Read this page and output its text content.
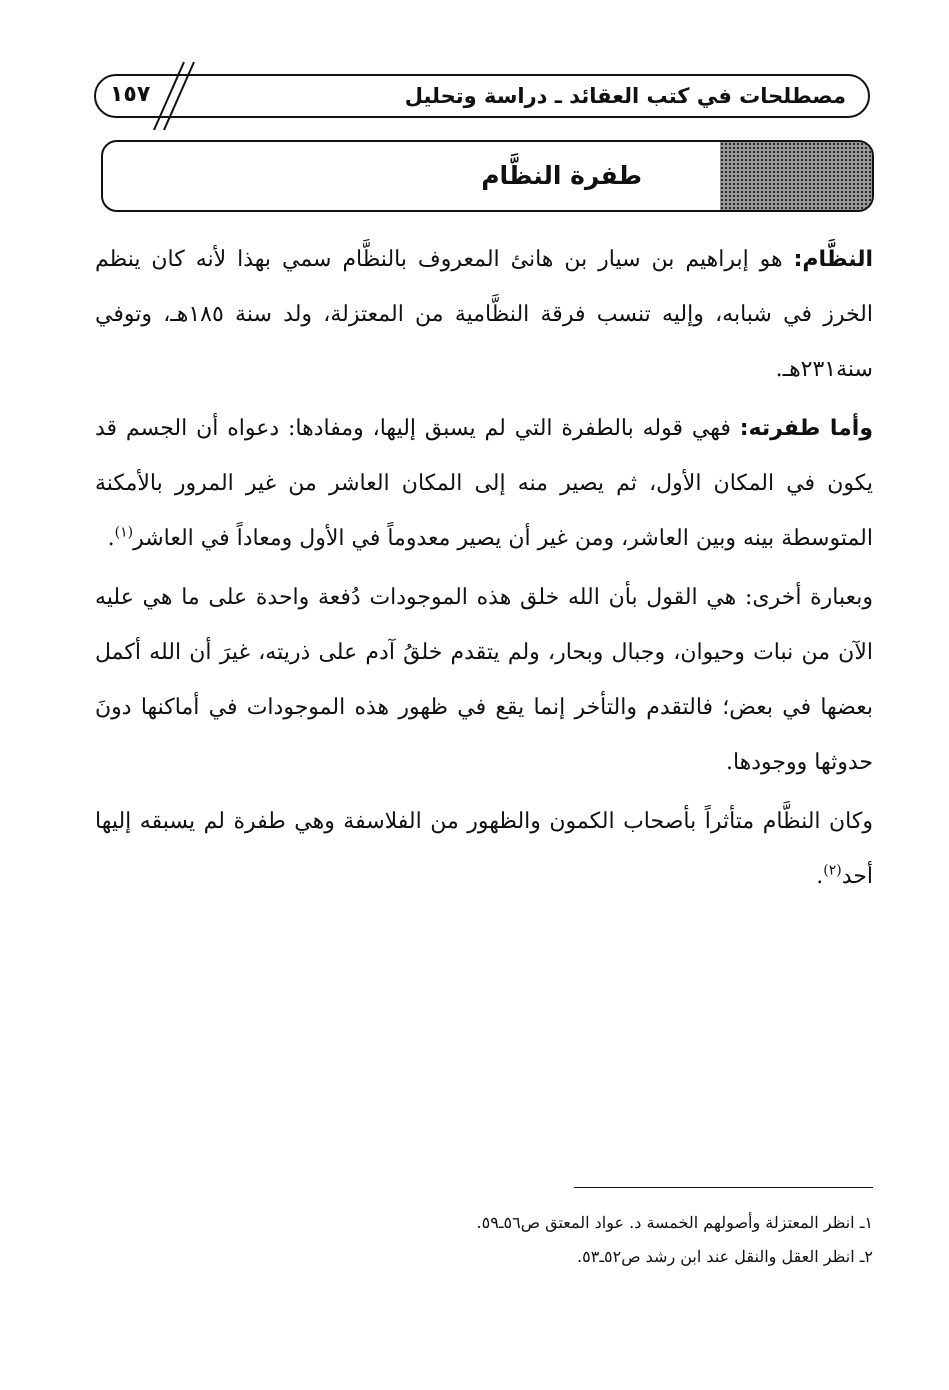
مصطلحات في كتب العقائد ـ دراسة وتحليل
١٥٧
طفرة النظَّام

النظَّام: هو إبراهيم بن سيار بن هانئ المعروف بالنظَّام سمي بهذا لأنه كان ينظم الخرز في شبابه، وإليه تنسب فرقة النظَّامية من المعتزلة، ولد سنة ١٨٥هـ، وتوفي سنة٢٣١هـ.

وأما طفرته: فهي قوله بالطفرة التي لم يسبق إليها، ومفادها: دعواه أن الجسم قد يكون في المكان الأول، ثم يصير منه إلى المكان العاشر من غير المرور بالأمكنة المتوسطة بينه وبين العاشر، ومن غير أن يصير معدوماً في الأول ومعاداً في العاشر$^{(١)}$.

وبعبارة أخرى: هي القول بأن الله خلق هذه الموجودات دُفعة واحدة على ما هي عليه الآن من نبات وحيوان، وجبال وبحار، ولم يتقدم خلقُ آدم على ذريته، غيرَ أن الله أكمل بعضها في بعض؛ فالتقدم والتأخر إنما يقع في ظهور هذه الموجودات في أماكنها دونَ حدوثها ووجودها.

وكان النظَّام متأثراً بأصحاب الكمون والظهور من الفلاسفة وهي طفرة لم يسبقه إليها أحد$^{(٢)}$.

١ـ انظر المعتزلة وأصولهم الخمسة د. عواد المعتق ص٥٦ـ٥٩.
٢ـ انظر العقل والنقل عند ابن رشد ص٥٢ـ٥٣.
